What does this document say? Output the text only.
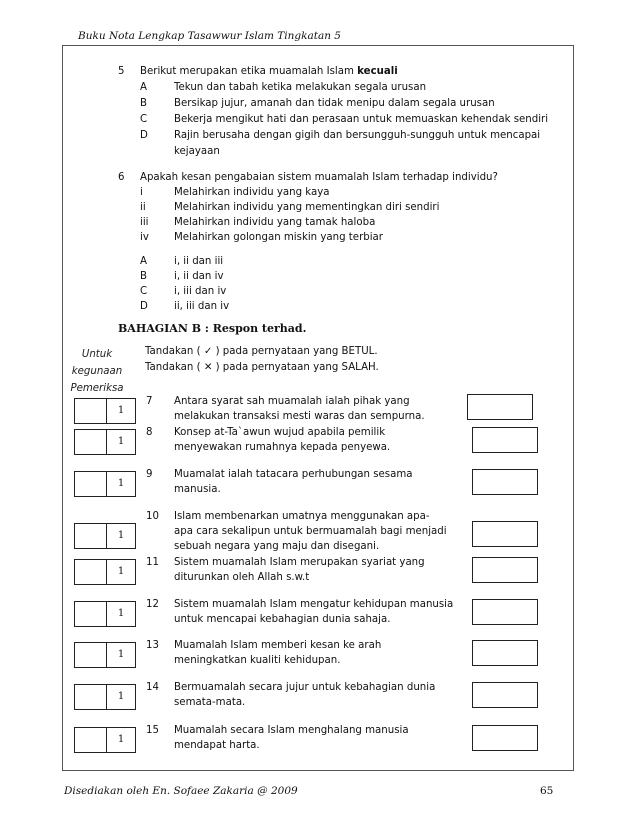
Buku Nota Lengkap Tasawwur Islam Tingkatan 5
5 Berikut merupakan etika muamalah Islam kecuali
A	Tekun dan tabah ketika melakukan segala urusan
B	Bersikap jujur, amanah dan tidak menipu dalam segala urusan
C	Bekerja mengikut hati dan perasaan untuk memuaskan kehendak sendiri
D	Rajin berusaha dengan gigih dan bersungguh-sungguh untuk mencapai
kejayaan
6 Apakah kesan pengabaian sistem muamalah Islam terhadap individu?
i	Melahirkan individu yang kaya
ii	Melahirkan individu yang mementingkan diri sendiri
iii	Melahirkan individu yang tamak haloba
iv Melahirkan golongan miskin yang terbiar
A	i, ii dan iii
B	i, ii dan iv
C	i, iii dan iv
D	ii, iii dan iv
BAHAGIAN B : Respon terhad.
Untuk
kegunaan
Pemeriksa
Tandakan ( ✓ ) pada pernyataan yang BETUL.
Tandakan ( ✕ ) pada pernyataan yang SALAH.
1
7 Antara syarat sah muamalah ialah pihak yang
melakukan transaksi mesti waras dan sempurna.
1
8 Konsep at-Ta`awun wujud apabila pemilik
menyewakan rumahnya kepada penyewa.
1
9 Muamalat ialah tatacara perhubungan sesama
manusia.
1
10 Islam membenarkan umatnya menggunakan apa-
apa cara sekalipun untuk bermuamalah bagi menjadi
sebuah negara yang maju dan disegani.
1
11 Sistem muamalah Islam merupakan syariat yang
diturunkan oleh Allah s.w.t
1
12 Sistem muamalah Islam mengatur kehidupan manusia
untuk mencapai kebahagian dunia sahaja.
1
13 Muamalah Islam memberi kesan ke arah
meningkatkan kualiti kehidupan.
1
14 Bermuamalah secara jujur untuk kebahagian dunia
semata-mata.
1
15 Muamalah secara Islam menghalang manusia
mendapat harta.
Disediakan oleh En. Sofaee Zakaria @ 2009	65
